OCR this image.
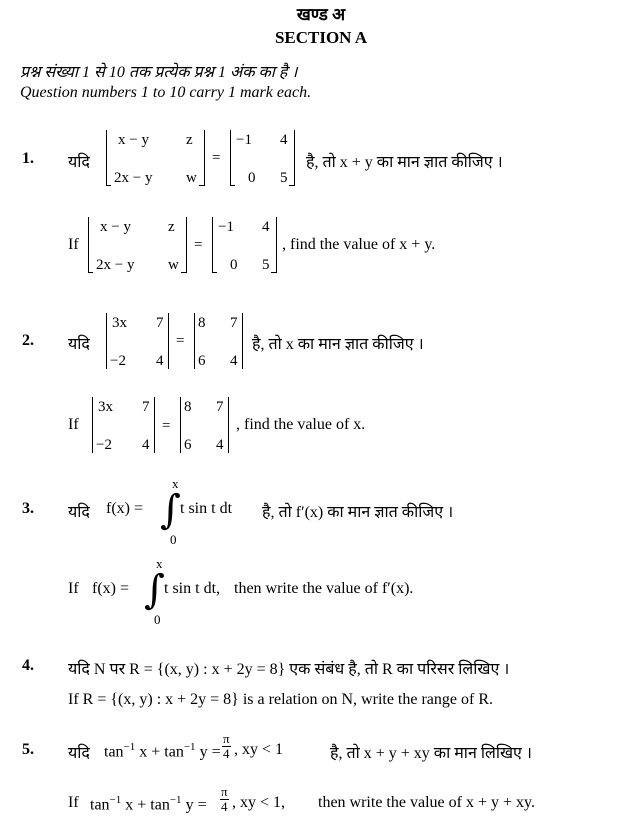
खण्ड अ
SECTION A
प्रश्न संख्या 1 से 10 तक प्रत्येक प्रश्न 1 अंक का है ।
Question numbers 1 to 10 carry 1 mark each.
1. यदि
x − y z
2x − y w
=
−1 4
0 5
है, तो x + y का मान ज्ञात कीजिए ।
If
x − y z
2x − y w
=
−1 4
0 5
, find the value of x + y.
2. यदि
3x 7
−2 4
=
8 7
6 4
है, तो x का मान ज्ञात कीजिए ।
If
3x 7
−2 4
=
8 7
6 4
, find the value of x.
3. यदि f(x) =
x
∫
0
t sin t dt है, तो f′(x) का मान ज्ञात कीजिए ।
If f(x) =
x
∫
0
t sin t dt, then write the value of f′(x).
4. यदि N पर R = {(x, y) : x + 2y = 8} एक संबंध है, तो R का परिसर लिखिए ।
If R = {(x, y) : x + 2y = 8} is a relation on N, write the range of R.
5. यदि $\tan^{-1} x + \tan^{-1} y = \frac{\pi}{4}$ , xy < 1	है, तो x + y + xy का मान लिखिए ।
If $\tan^{-1} x + \tan^{-1} y = \frac{\pi}{4}$ , xy < 1, then write the value of x + y + xy.
